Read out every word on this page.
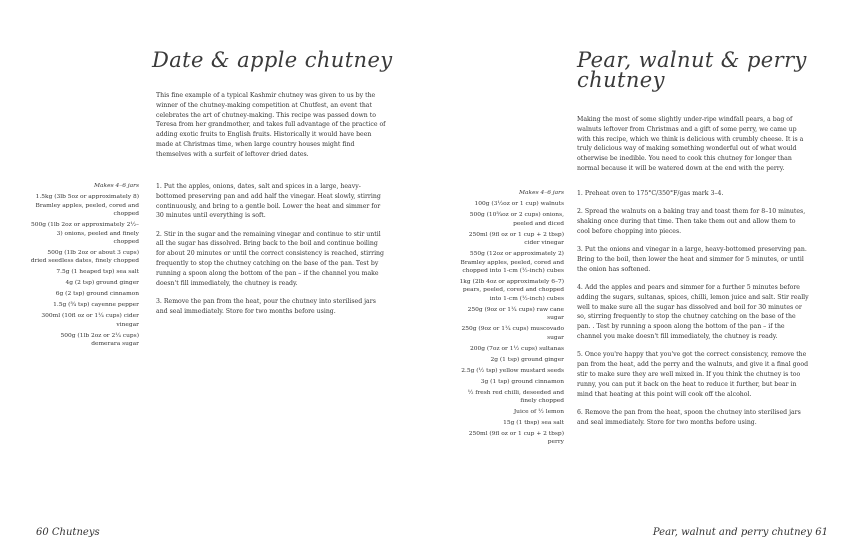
Date & apple chutney

This fine example of a typical Kashmir chutney was given to us by the winner of the chutney-making competition at Chutfest, an event that celebrates the art of chutney-making. This recipe was passed down to Teresa from her grandmother, and takes full advantage of the practice of adding exotic fruits to English fruits. Historically it would have been made at Christmas time, when large country houses might find themselves with a surfeit of leftover dried dates.

Makes 4–6 jars
1.5kg (3lb 5oz or approximately 8) Bramley apples, peeled, cored and chopped
500g (1lb 2oz or approximately 2½–3) onions, peeled and finely chopped
500g (1lb 2oz or about 3 cups) dried seedless dates, finely chopped
7.5g (1 heaped tsp) sea salt
4g (2 tsp) ground ginger
6g (2 tsp) ground cinnamon
1.5g (¾ tsp) cayenne pepper
300ml (10fl oz or 1¼ cups) cider vinegar
500g (1lb 2oz or 2¼ cups) demerara sugar

1. Put the apples, onions, dates, salt and spices in a large, heavy-bottomed preserving pan and add half the vinegar. Heat slowly, stirring continuously, and bring to a gentle boil. Lower the heat and simmer for 30 minutes until everything is soft.

2. Stir in the sugar and the remaining vinegar and continue to stir until all the sugar has dissolved. Bring back to the boil and continue boiling for about 20 minutes or until the correct consistency is reached, stirring frequently to stop the chutney catching on the base of the pan. Test by running a spoon along the bottom of the pan – if the channel you make doesn't fill immediately, the chutney is ready.

3. Remove the pan from the heat, pour the chutney into sterilised jars and seal immediately. Store for two months before using.

60 Chutneys
Pear, walnut & perry
chutney

Making the most of some slightly under-ripe windfall pears, a bag of walnuts leftover from Christmas and a gift of some perry, we came up with this recipe, which we think is delicious with crumbly cheese. It is a truly delicious way of making something wonderful out of what would otherwise be inedible. You need to cook this chutney for longer than normal because it will be watered down at the end with the perry.

Makes 4–6 jars
100g (3½oz or 1 cup) walnuts
500g (10¾oz or 2 cups) onions, peeled and diced
250ml (9fl oz or 1 cup + 2 tbsp) cider vinegar
550g (12oz or approximately 2) Bramley apples, peeled, cored and chopped into 1-cm (½-inch) cubes
1kg (2lb 4oz or approximately 6–7) pears, peeled, cored and chopped into 1-cm (½-inch) cubes
250g (9oz or 1¼ cups) raw cane sugar
250g (9oz or 1¼ cups) muscovado sugar
200g (7oz or 1½ cups) sultanas
2g (1 tsp) ground ginger
2.5g (½ tsp) yellow mustard seeds
3g (1 tsp) ground cinnamon
½ fresh red chilli, deseeded and finely chopped
Juice of ½ lemon
15g (1 tbsp) sea salt
250ml (9fl oz or 1 cup + 2 tbsp) perry

1. Preheat oven to 175°C/350°F/gas mark 3–4.

2. Spread the walnuts on a baking tray and toast them for 8–10 minutes, shaking once during that time. Then take them out and allow them to cool before chopping into pieces.

3. Put the onions and vinegar in a large, heavy-bottomed preserving pan. Bring to the boil, then lower the heat and simmer for 5 minutes, or until the onion has softened.

4. Add the apples and pears and simmer for a further 5 minutes before adding the sugars, sultanas, spices, chilli, lemon juice and salt. Stir really well to make sure all the sugar has dissolved and boil for 30 minutes or so, stirring frequently to stop the chutney catching on the base of the pan. . Test by running a spoon along the bottom of the pan – if the channel you make doesn't fill immediately, the chutney is ready.

5. Once you're happy that you've got the correct consistency, remove the pan from the heat, add the perry and the walnuts, and give it a final good stir to make sure they are well mixed in. If you think the chutney is too runny, you can put it back on the heat to reduce it further, but bear in mind that heating at this point will cook off the alcohol.

6. Remove the pan from the heat, spoon the chutney into sterilised jars and seal immediately. Store for two months before using.

Pear, walnut and perry chutney 61
